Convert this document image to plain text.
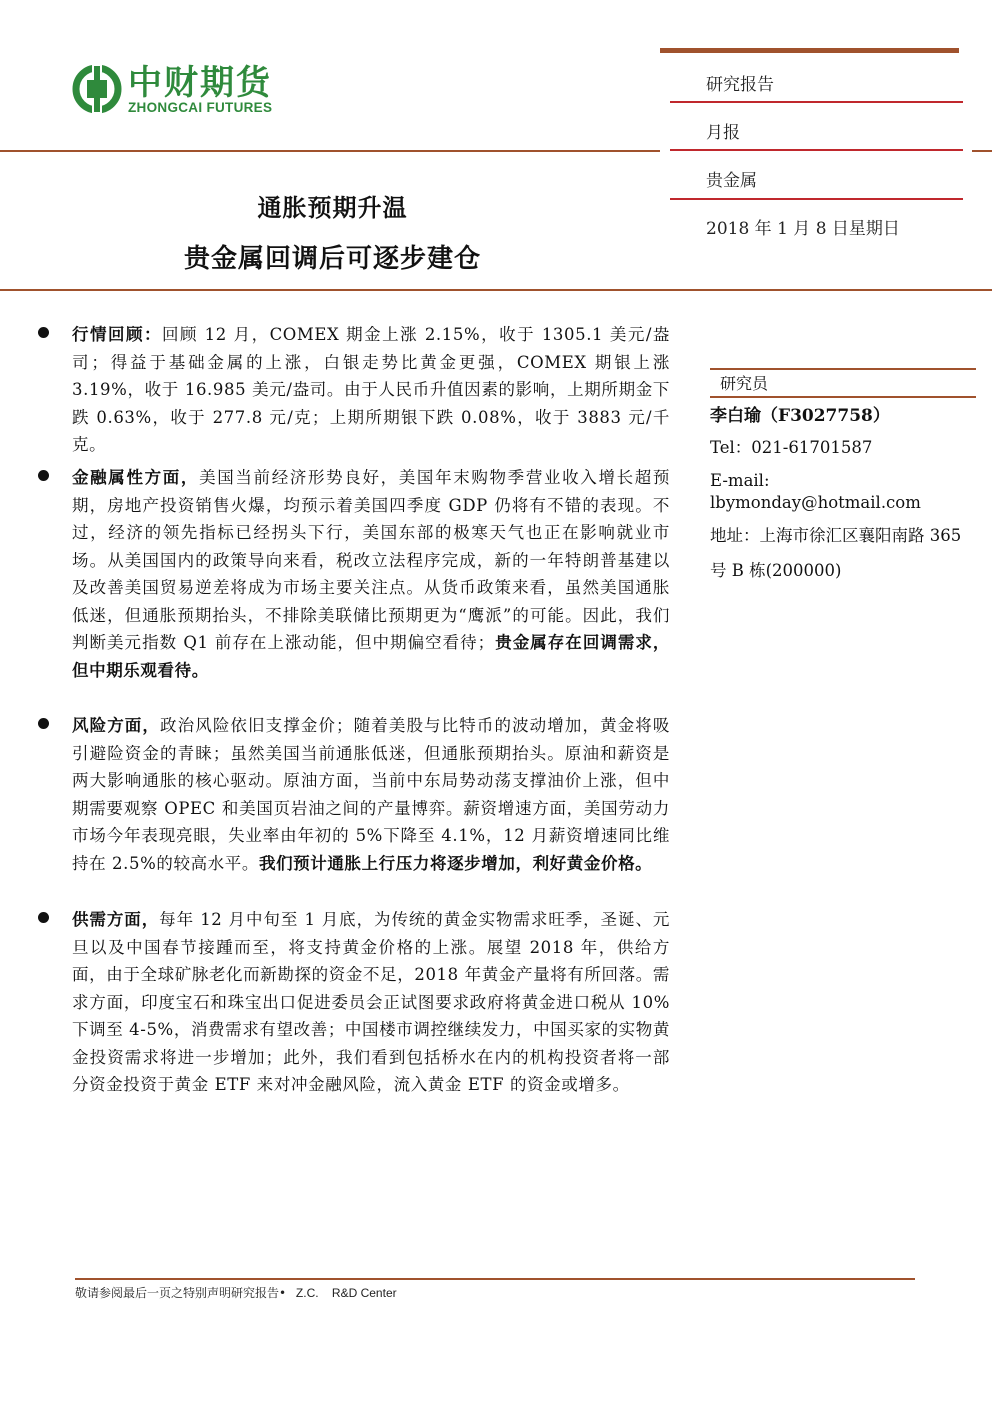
中财期货
ZHONGCAI FUTURES
研究报告
月报
贵金属
2018 年 1 月 8 日星期日
通胀预期升温
贵金属回调后可逐步建仓
行情回顾：回顾 12 月，COMEX 期金上涨 2.15%，收于 1305.1 美元/盎司；得益于基础金属的上涨，白银走势比黄金更强，COMEX 期银上涨 3.19%，收于 16.985 美元/盎司。由于人民币升值因素的影响，上期所期金下跌 0.63%，收于 277.8 元/克；上期所期银下跌 0.08%，收于 3883 元/千克。
金融属性方面，美国当前经济形势良好，美国年末购物季营业收入增长超预期，房地产投资销售火爆，均预示着美国四季度 GDP 仍将有不错的表现。不过，经济的领先指标已经拐头下行，美国东部的极寒天气也正在影响就业市场。从美国国内的政策导向来看，税改立法程序完成，新的一年特朗普基建以及改善美国贸易逆差将成为市场主要关注点。从货币政策来看，虽然美国通胀低迷，但通胀预期抬头，不排除美联储比预期更为“鹰派”的可能。因此，我们判断美元指数 Q1 前存在上涨动能，但中期偏空看待；贵金属存在回调需求，但中期乐观看待。
风险方面，政治风险依旧支撑金价；随着美股与比特币的波动增加，黄金将吸引避险资金的青睐；虽然美国当前通胀低迷，但通胀预期抬头。原油和薪资是两大影响通胀的核心驱动。原油方面，当前中东局势动荡支撑油价上涨，但中期需要观察 OPEC 和美国页岩油之间的产量博弈。薪资增速方面，美国劳动力市场今年表现亮眼，失业率由年初的 5%下降至 4.1%，12 月薪资增速同比维持在 2.5%的较高水平。我们预计通胀上行压力将逐步增加，利好黄金价格。
供需方面，每年 12 月中旬至 1 月底，为传统的黄金实物需求旺季，圣诞、元旦以及中国春节接踵而至，将支持黄金价格的上涨。展望 2018 年，供给方面，由于全球矿脉老化而新勘探的资金不足，2018 年黄金产量将有所回落。需求方面，印度宝石和珠宝出口促进委员会正试图要求政府将黄金进口税从 10%下调至 4-5%，消费需求有望改善；中国楼市调控继续发力，中国买家的实物黄金投资需求将进一步增加；此外，我们看到包括桥水在内的机构投资者将一部分资金投资于黄金 ETF 来对冲金融风险，流入黄金 ETF 的资金或增多。
研究员
李白瑜（F3027758）
Tel：021-61701587
E-mail: lbymonday@hotmail.com
地址：上海市徐汇区襄阳南路 365 号 B 栋(200000)
敬请参阅最后一页之特别声明研究报告• Z.C.    R&D Center
